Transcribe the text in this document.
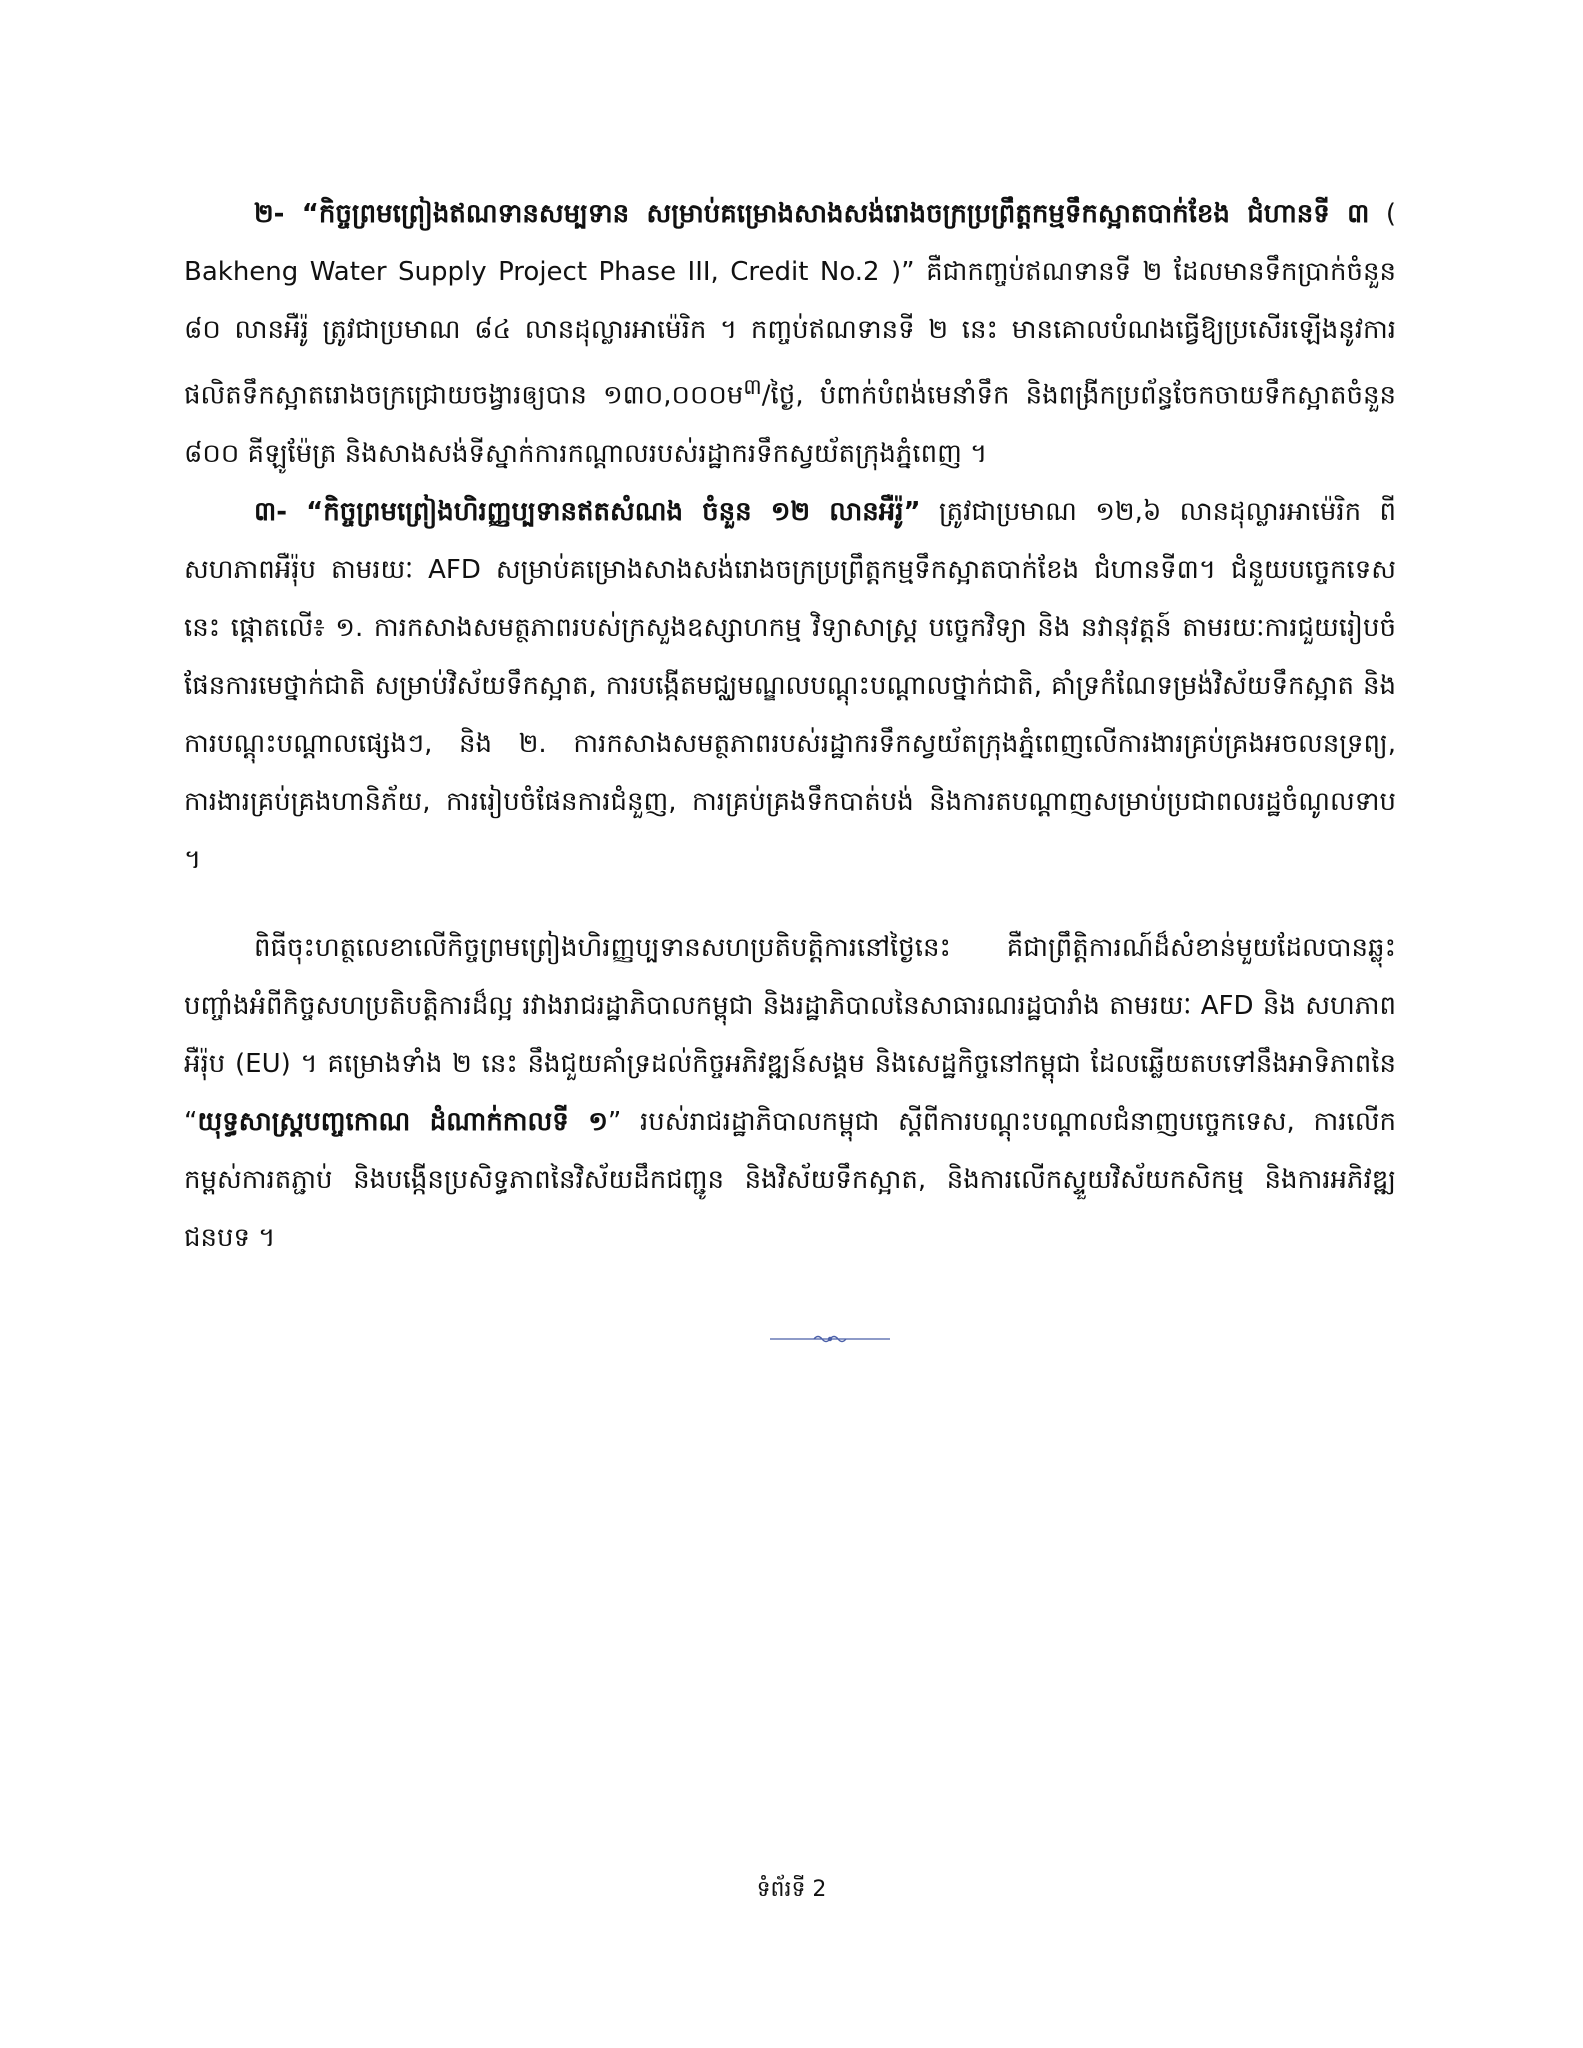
២- “កិច្ចព្រមព្រៀងឥណទានសម្បទាន សម្រាប់គម្រោងសាងសង់រោងចក្រប្រព្រឹត្តកម្មទឹកស្អាតបាក់ខែង ជំហានទី ៣ ( Bakheng Water Supply Project Phase III, Credit No.2 )” គឺជាកញ្ចប់ឥណទានទី ២ ដែលមានទឹកប្រាក់ចំនួន ៨០ លានអឺរ៉ូ ត្រូវជាប្រមាណ ៨៤ លានដុល្លារអាម៉េរិក ។ កញ្ចប់ឥណទានទី ២ នេះ មានគោលបំណងធ្វើឱ្យប្រសើរឡើងនូវការផលិតទឹកស្អាតរោងចក្រជ្រោយចង្វារឲ្យបាន ១៣០,០០០ម$^៣$/ថ្ងៃ, បំពាក់បំពង់មេនាំទឹក និងពង្រីកប្រព័ន្ធចែកចាយទឹកស្អាតចំនួន ៨០០ គីឡូម៉ែត្រ និងសាងសង់ទីស្នាក់ការកណ្ដាលរបស់រដ្ឋាករទឹកស្វយ័តក្រុងភ្នំពេញ ។

៣- “កិច្ចព្រមព្រៀងហិរញ្ញប្បទានឥតសំណង ចំនួន ១២ លានអឺរ៉ូ” ត្រូវជាប្រមាណ ១២,៦ លានដុល្លារអាម៉េរិក ពីសហភាពអឺរ៉ុប តាមរយៈ AFD សម្រាប់គម្រោងសាងសង់រោងចក្រប្រព្រឹត្តកម្មទឹកស្អាតបាក់ខែង ជំហានទី៣។ ជំនួយបច្ចេកទេសនេះ ផ្ដោតលើ៖ ១. ការកសាងសមត្ថភាពរបស់ក្រសួងឧស្សាហកម្ម វិទ្យាសាស្ត្រ បច្ចេកវិទ្យា និង នវានុវត្តន៍ តាមរយៈការជួយរៀបចំផែនការមេថ្នាក់ជាតិ សម្រាប់វិស័យទឹកស្អាត, ការបង្កើតមជ្ឈមណ្ឌលបណ្ដុះបណ្ដាលថ្នាក់ជាតិ, គាំទ្រកំណែទម្រង់វិស័យទឹកស្អាត និងការបណ្ដុះបណ្ដាលផ្សេងៗ, និង ២. ការកសាងសមត្ថភាពរបស់រដ្ឋាករទឹកស្វយ័តក្រុងភ្នំពេញលើការងារគ្រប់គ្រងអចលនទ្រព្យ, ការងារគ្រប់គ្រងហានិភ័យ, ការរៀបចំផែនការជំនួញ, ការគ្រប់គ្រងទឹកបាត់បង់ និងការតបណ្ដាញសម្រាប់ប្រជាពលរដ្ឋចំណូលទាប ។

ពិធីចុះហត្ថលេខាលើកិច្ចព្រមព្រៀងហិរញ្ញប្បទានសហប្រតិបត្តិការនៅថ្ងៃនេះ គឺជាព្រឹត្តិការណ៍ដ៏សំខាន់មួយដែលបានឆ្លុះបញ្ចាំងអំពីកិច្ចសហប្រតិបត្តិការដ៏ល្អ រវាងរាជរដ្ឋាភិបាលកម្ពុជា និងរដ្ឋាភិបាលនៃសាធារណរដ្ឋបារាំង តាមរយៈ AFD និង សហភាពអឺរ៉ុប (EU) ។ គម្រោងទាំង ២ នេះ នឹងជួយគាំទ្រដល់កិច្ចអភិវឌ្ឍន៍សង្គម និងសេដ្ឋកិច្ចនៅកម្ពុជា ដែលឆ្លើយតបទៅនឹងអាទិភាពនៃ “យុទ្ធសាស្ត្របញ្ចកោណ ដំណាក់កាលទី ១” របស់រាជរដ្ឋាភិបាលកម្ពុជា ស្ដីពីការបណ្ដុះបណ្ដាលជំនាញបច្ចេកទេស, ការលើកកម្ពស់ការតភ្ជាប់ និងបង្កើនប្រសិទ្ធភាពនៃវិស័យដឹកជញ្ជូន និងវិស័យទឹកស្អាត, និងការលើកស្ទួយវិស័យកសិកម្ម និងការអភិវឌ្ឍជនបទ ។

ទំព័រទី 2
